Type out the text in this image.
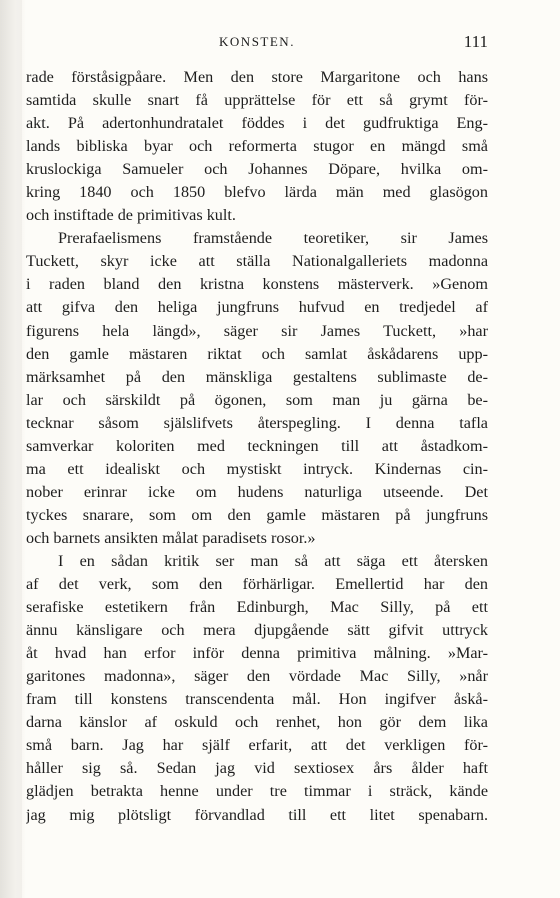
KONSTEN.	111
rade förståsigpåare. Men den store Margaritone och hans
samtida skulle snart få upprättelse för ett så grymt för-
akt. På adertonhundratalet föddes i det gudfruktiga Eng-
lands bibliska byar och reformerta stugor en mängd små
kruslockiga Samueler och Johannes Döpare, hvilka om-
kring 1840 och 1850 blefvo lärda män med glasögon
och instiftade de primitivas kult.
Prerafaelismens framstående teoretiker, sir James
Tuckett, skyr icke att ställa Nationalgalleriets madonna
i raden bland den kristna konstens mästerverk. »Genom
att gifva den heliga jungfruns hufvud en tredjedel af
figurens hela längd», säger sir James Tuckett, »har
den gamle mästaren riktat och samlat åskådarens upp-
märksamhet på den mänskliga gestaltens sublimaste de-
lar och särskildt på ögonen, som man ju gärna be-
tecknar såsom själslifvets återspegling. I denna tafla
samverkar koloriten med teckningen till att åstadkom-
ma ett idealiskt och mystiskt intryck. Kindernas cin-
nober erinrar icke om hudens naturliga utseende. Det
tyckes snarare, som om den gamle mästaren på jungfruns
och barnets ansikten målat paradisets rosor.»
I en sådan kritik ser man så att säga ett återsken
af det verk, som den förhärligar. Emellertid har den
serafiske estetikern från Edinburgh, Mac Silly, på ett
ännu känsligare och mera djupgående sätt gifvit uttryck
åt hvad han erfor inför denna primitiva målning. »Mar-
garitones madonna», säger den vördade Mac Silly, »når
fram till konstens transcendenta mål. Hon ingifver åskå-
darna känslor af oskuld och renhet, hon gör dem lika
små barn. Jag har själf erfarit, att det verkligen för-
håller sig så. Sedan jag vid sextiosex års ålder haft
glädjen betrakta henne under tre timmar i sträck, kände
jag mig plötsligt förvandlad till ett litet spenabarn.
